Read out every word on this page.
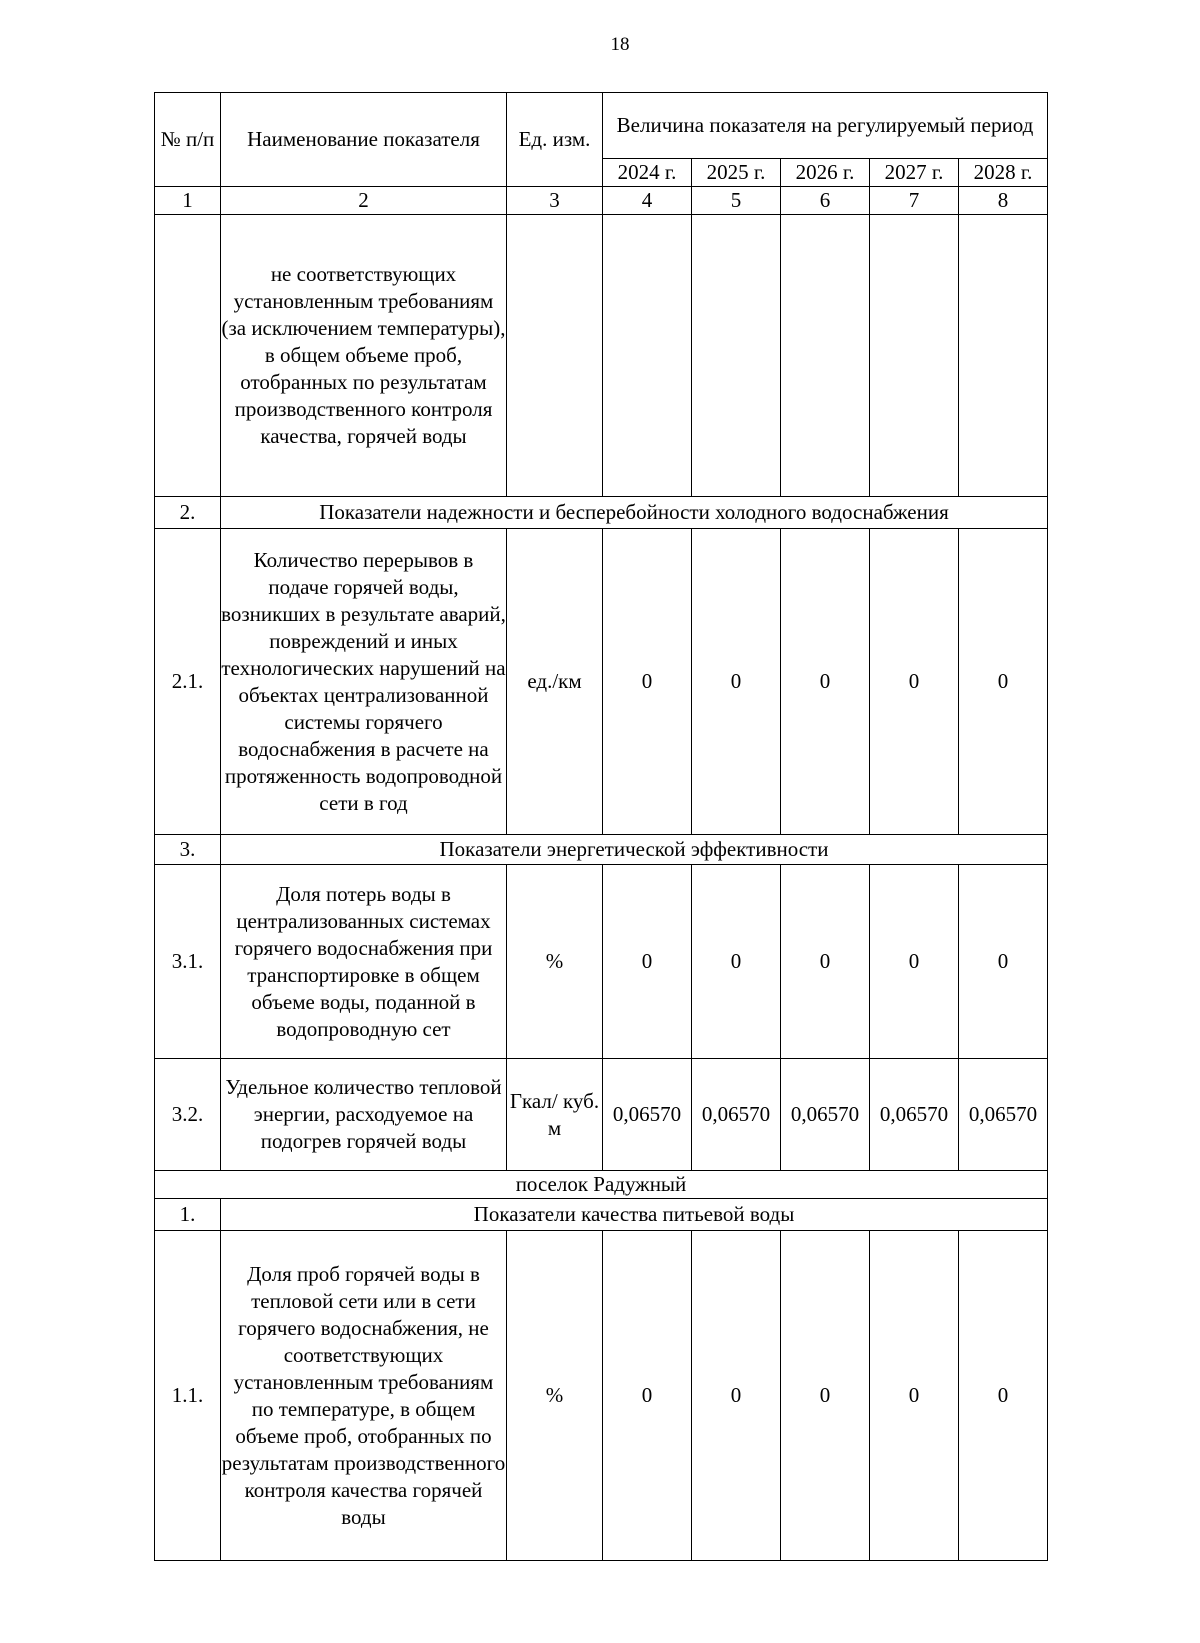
18
№ п/п	Наименование показателя	Ед. изм.	Величина показателя на регулируемый период				
			2024 г.	2025 г.	2026 г.	2027 г.	2028 г.
1	2	3	4	5	6	7	8
	не соответствующих установленным требованиям (за исключением температуры), в общем объеме проб, отобранных по результатам производственного контроля качества, горячей воды						
2.	Показатели надежности и бесперебойности холодного водоснабжения						
2.1.	Количество перерывов в подаче горячей воды, возникших в результате аварий, повреждений и иных технологических нарушений на объектах централизованной системы горячего водоснабжения в расчете на протяженность водопроводной сети в год	ед./км	0	0	0	0	0
3.	Показатели энергетической эффективности						
3.1.	Доля потерь воды в централизованных системах горячего водоснабжения при транспортировке в общем объеме воды, поданной в водопроводную сет	%	0	0	0	0	0
3.2.	Удельное количество тепловой энергии, расходуемое на подогрев горячей воды	Гкал/ куб. м	0,06570	0,06570	0,06570	0,06570	0,06570
поселок Радужный							
1.	Показатели качества питьевой воды						
1.1.	Доля проб горячей воды в тепловой сети или в сети горячего водоснабжения, не соответствующих установленным требованиям по температуре, в общем объеме проб, отобранных по результатам производственного контроля качества горячей воды	%	0	0	0	0	0
